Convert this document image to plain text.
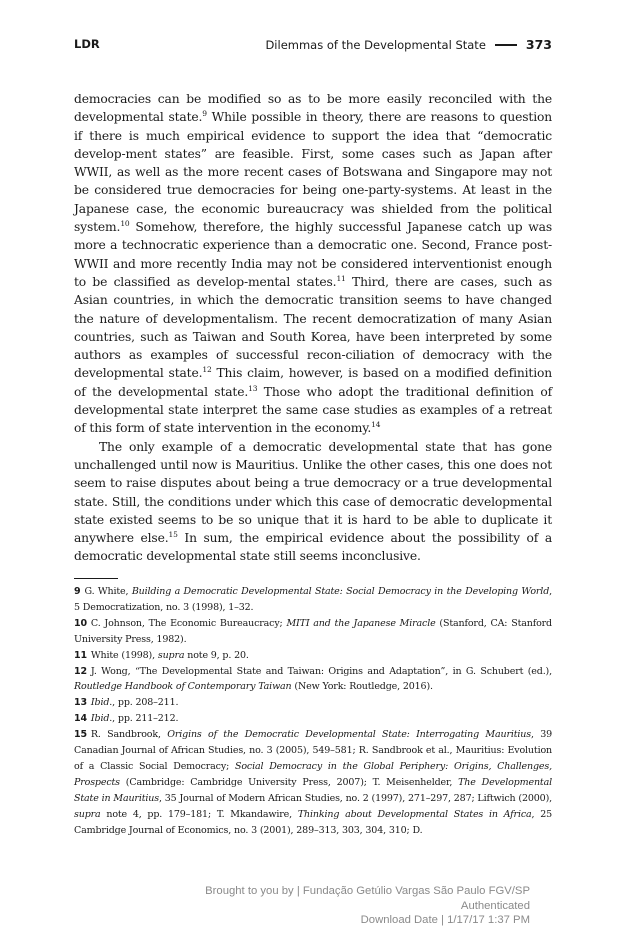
LDR	Dilemmas of the Developmental State	373

democracies can be modified so as to be more easily reconciled with the developmental state.$^9$ While possible in theory, there are reasons to question if there is much empirical evidence to support the idea that “democratic develop-ment states” are feasible. First, some cases such as Japan after WWII, as well as the more recent cases of Botswana and Singapore may not be considered true democracies for being one-party-systems. At least in the Japanese case, the economic bureaucracy was shielded from the political system.$^{10}$ Somehow, therefore, the highly successful Japanese catch up was more a technocratic experience than a democratic one. Second, France post-WWII and more recently India may not be considered interventionist enough to be classified as develop-mental states.$^{11}$ Third, there are cases, such as Asian countries, in which the democratic transition seems to have changed the nature of developmentalism. The recent democratization of many Asian countries, such as Taiwan and South Korea, have been interpreted by some authors as examples of successful recon-ciliation of democracy with the developmental state.$^{12}$ This claim, however, is based on a modified definition of the developmental state.$^{13}$ Those who adopt the traditional definition of developmental state interpret the same case studies as examples of a retreat of this form of state intervention in the economy.$^{14}$

The only example of a democratic developmental state that has gone unchallenged until now is Mauritius. Unlike the other cases, this one does not seem to raise disputes about being a true democracy or a true developmental state. Still, the conditions under which this case of democratic developmental state existed seems to be so unique that it is hard to be able to duplicate it anywhere else.$^{15}$ In sum, the empirical evidence about the possibility of a democratic developmental state still seems inconclusive.

9 G. White, Building a Democratic Developmental State: Social Democracy in the Developing World, 5 Democratization, no. 3 (1998), 1–32.

10 C. Johnson, The Economic Bureaucracy; MITI and the Japanese Miracle (Stanford, CA: Stanford University Press, 1982).

11 White (1998), supra note 9, p. 20.

12 J. Wong, “The Developmental State and Taiwan: Origins and Adaptation”, in G. Schubert (ed.), Routledge Handbook of Contemporary Taiwan (New York: Routledge, 2016).

13 Ibid., pp. 208–211.

14 Ibid., pp. 211–212.

15 R. Sandbrook, Origins of the Democratic Developmental State: Interrogating Mauritius, 39 Canadian Journal of African Studies, no. 3 (2005), 549–581; R. Sandbrook et al., Mauritius: Evolution of a Classic Social Democracy; Social Democracy in the Global Periphery: Origins, Challenges, Prospects (Cambridge: Cambridge University Press, 2007); T. Meisenhelder, The Developmental State in Mauritius, 35 Journal of Modern African Studies, no. 2 (1997), 271–297, 287; Liftwich (2000), supra note 4, pp. 179–181; T. Mkandawire, Thinking about Developmental States in Africa, 25 Cambridge Journal of Economics, no. 3 (2001), 289–313, 303, 304, 310; D.

Brought to you by | Fundação Getúlio Vargas São Paulo FGV/SP
Authenticated
Download Date | 1/17/17 1:37 PM
